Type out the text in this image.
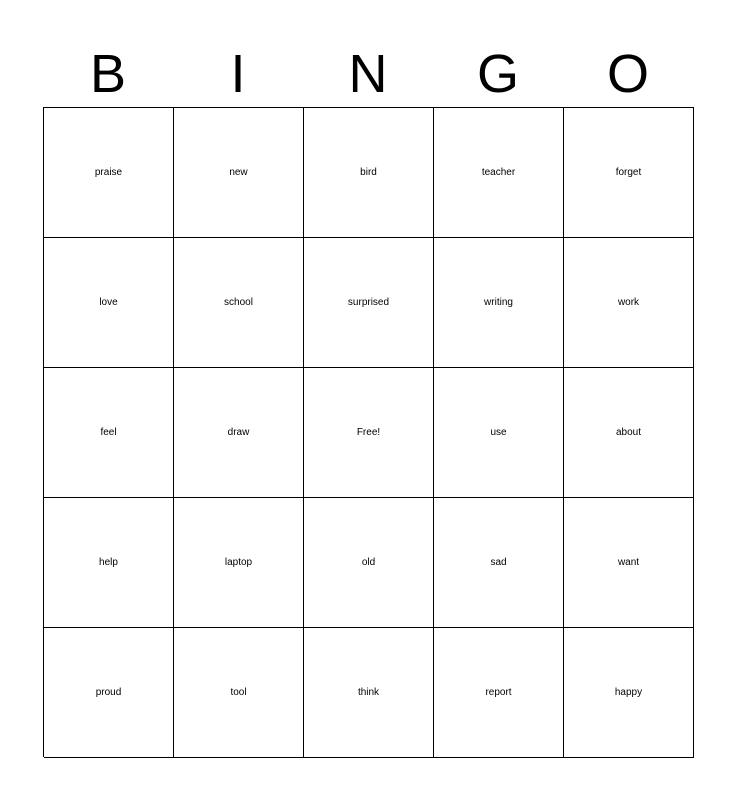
B	I	N	G	O
praise	new	bird	teacher	forget
love	school	surprised	writing	work
feel	draw	Free!	use	about
help	laptop	old	sad	want
proud	tool	think	report	happy
